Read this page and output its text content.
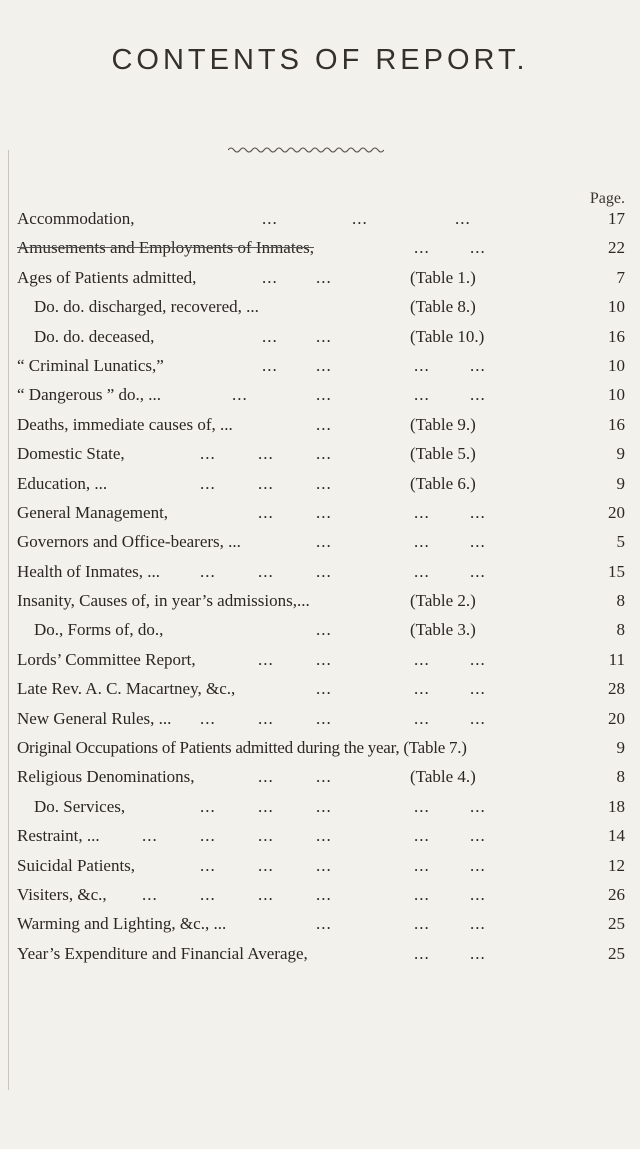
CONTENTS OF REPORT.
Page.
Accommodation,	...	...	...	17
Amusements and Employments of Inmates,	... ...	22
Ages of Patients admitted,	... ...	(Table 1.)	7
Do. do. discharged, recovered, ...	(Table 8.)	10
Do. do. deceased,	... ...	(Table 10.)	16
“ Criminal Lunatics,”	... ...	... ...	10
“ Dangerous ” do., ...	...	...	... ...	10
Deaths, immediate causes of, ...	...	(Table 9.)	16
Domestic State,	... ... ...	(Table 5.)	9
Education, ...	... ... ...	(Table 6.)	9
General Management,	... ...	... ...	20
Governors and Office-bearers, ...	...	... ...	5
Health of Inmates, ... ... ... ...	... ...	15
Insanity, Causes of, in year’s admissions,...	(Table 2.)	8
Do., Forms of, do.,	...	(Table 3.)	8
Lords’ Committee Report,	... ...	... ...	11
Late Rev. A. C. Macartney, &c.,	...	... ...	28
New General Rules, ... ... ... ...	... ...	20
Original Occupations of Patients admitted during the year, (Table 7.)	9
Religious Denominations,	... ...	(Table 4.)	8
Do. Services,	... ... ...	... ...	18
Restraint, ... ... ... ... ...	... ...	14
Suicidal Patients,	... ... ...	... ...	12
Visiters, &c., ... ... ... ...	... ...	26
Warming and Lighting, &c., ...	...	... ...	25
Year’s Expenditure and Financial Average,	... ...	25
